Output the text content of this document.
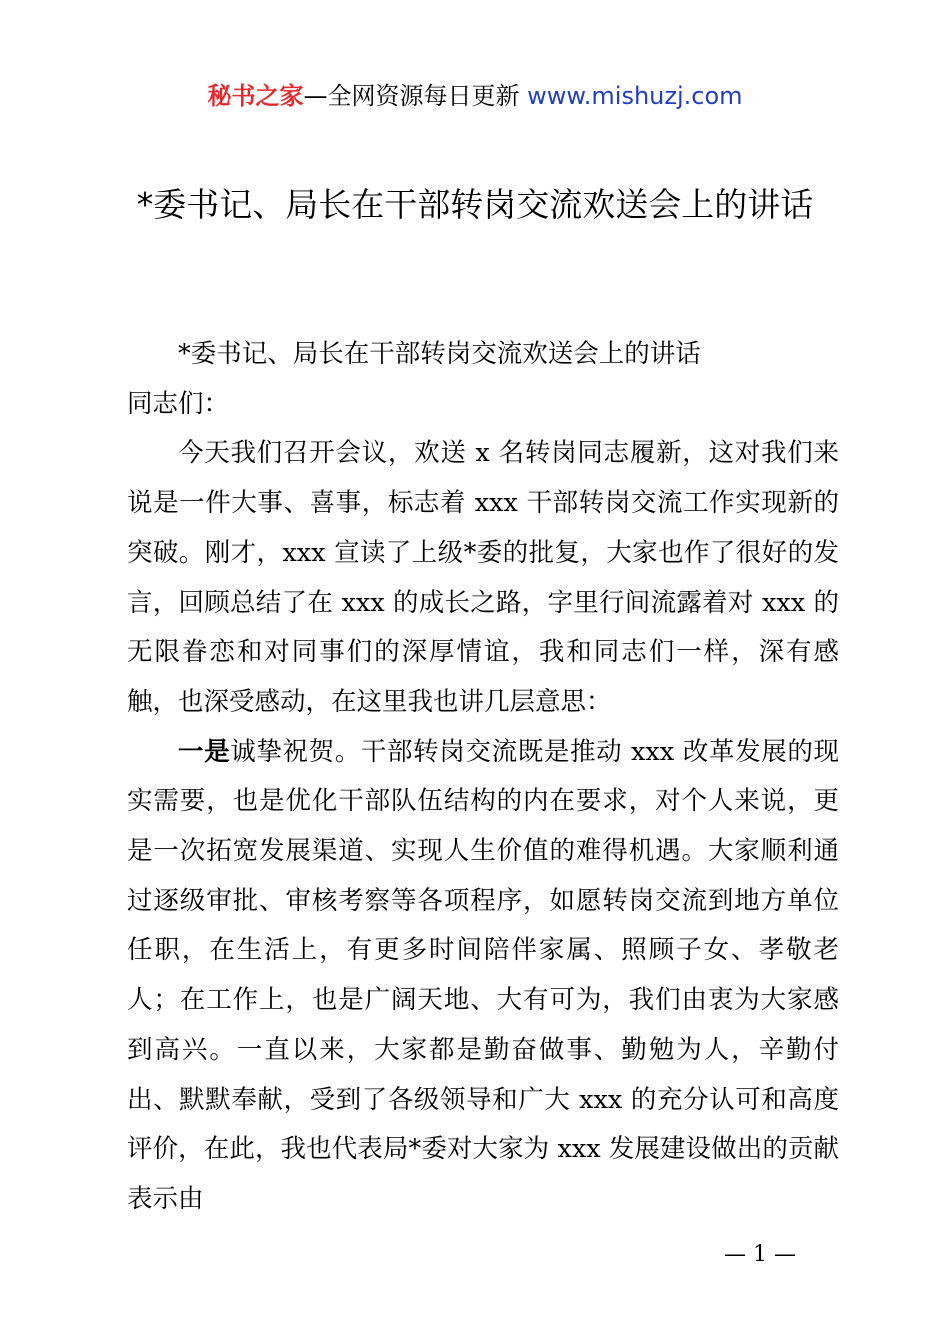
秘书之家—全网资源每日更新 www.mishuzj.com
*委书记、局长在干部转岗交流欢送会上的讲话

*委书记、局长在干部转岗交流欢送会上的讲话

同志们：

今天我们召开会议，欢送 x 名转岗同志履新，这对我们来说是一件大事、喜事，标志着 xxx 干部转岗交流工作实现新的突破。刚才，xxx 宣读了上级*委的批复，大家也作了很好的发言，回顾总结了在 xxx 的成长之路，字里行间流露着对 xxx 的无限眷恋和对同事们的深厚情谊，我和同志们一样，深有感触，也深受感动，在这里我也讲几层意思：

一是诚挚祝贺。干部转岗交流既是推动 xxx 改革发展的现实需要，也是优化干部队伍结构的内在要求，对个人来说，更是一次拓宽发展渠道、实现人生价值的难得机遇。大家顺利通过逐级审批、审核考察等各项程序，如愿转岗交流到地方单位任职，在生活上，有更多时间陪伴家属、照顾子女、孝敬老人；在工作上，也是广阔天地、大有可为，我们由衷为大家感到高兴。一直以来，大家都是勤奋做事、勤勉为人，辛勤付出、默默奉献，受到了各级领导和广大 xxx 的充分认可和高度评价，在此，我也代表局*委对大家为 xxx 发展建设做出的贡献表示由

— 1 —
